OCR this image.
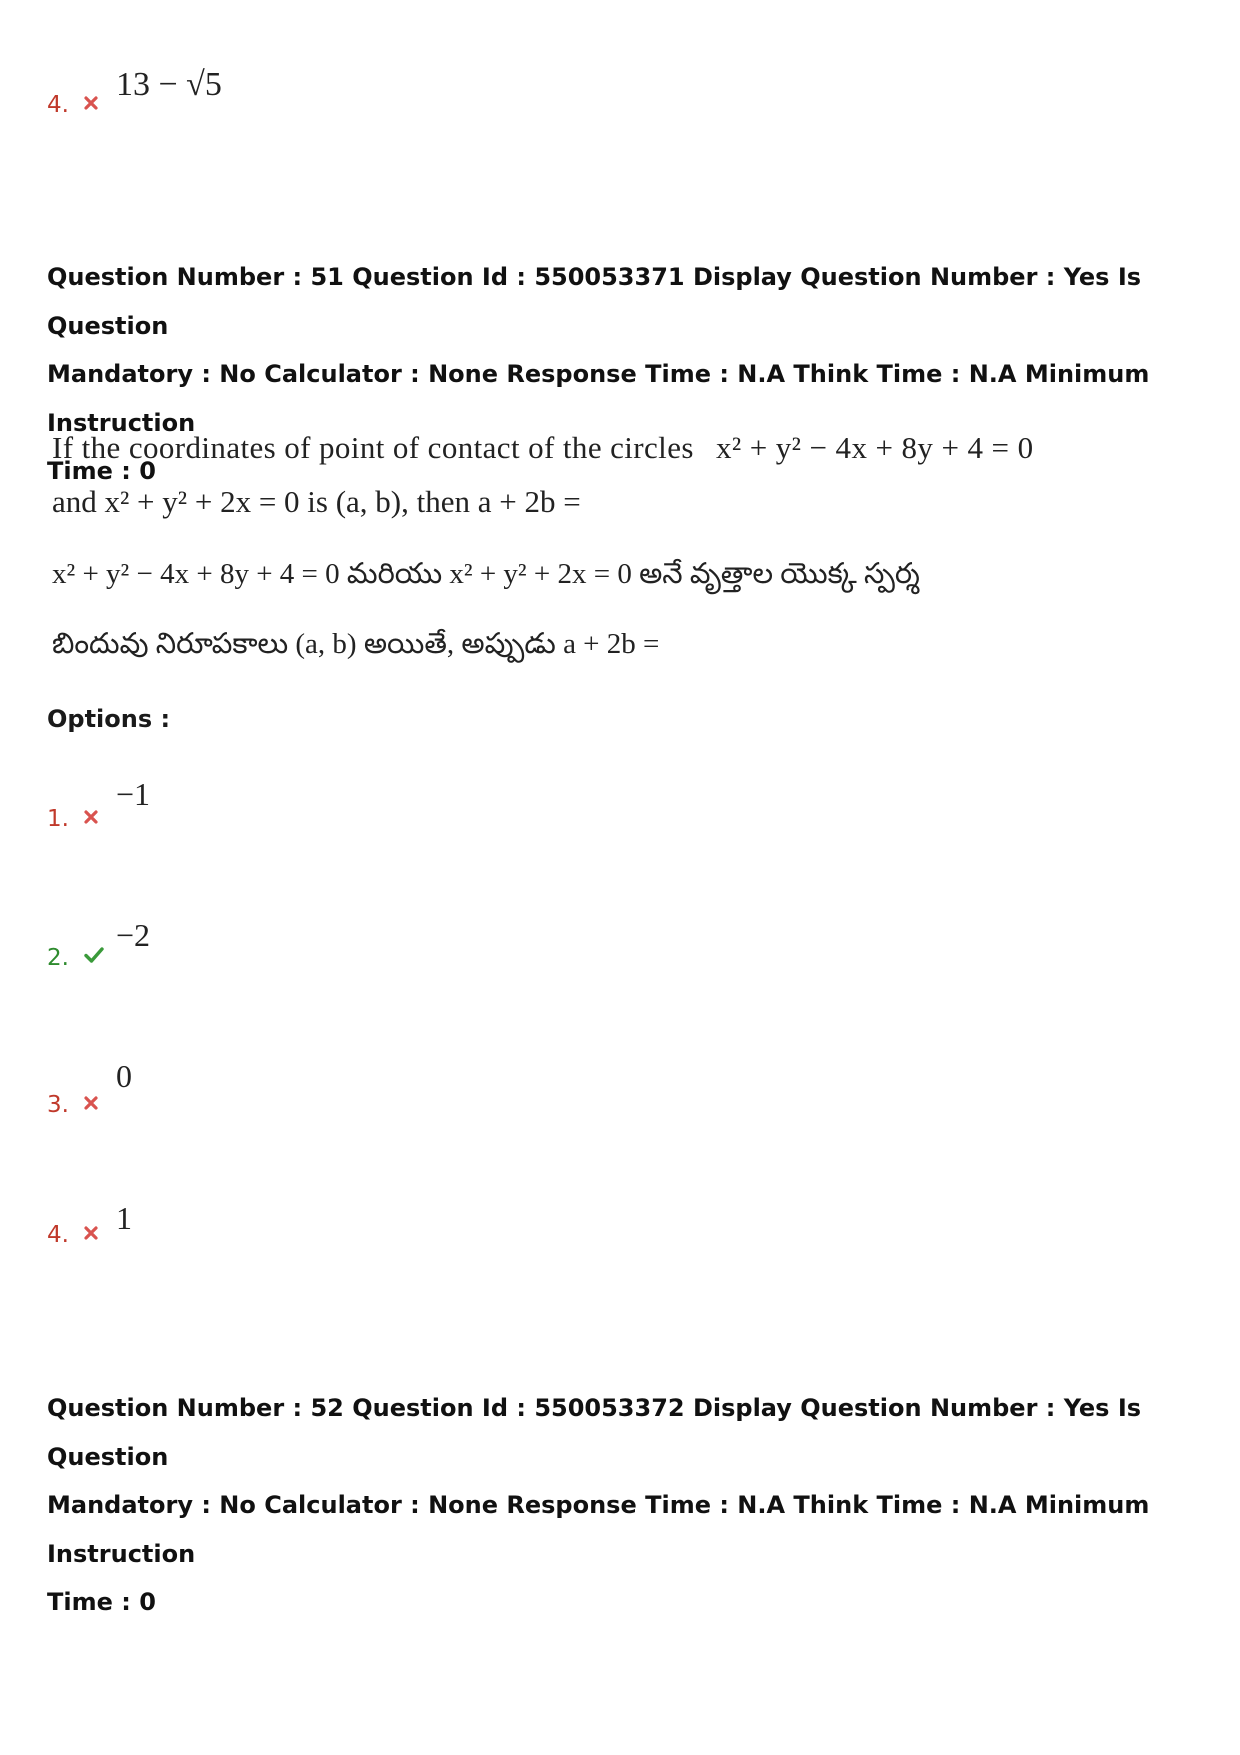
4.
13 − √5
Question Number : 51 Question Id : 550053371 Display Question Number : Yes Is Question
Mandatory : No Calculator : None Response Time : N.A Think Time : N.A Minimum Instruction
Time : 0
If the coordinates of point of contact of the circles x² + y² − 4x + 8y + 4 = 0
and x² + y² + 2x = 0 is (a, b), then a + 2b =
x² + y² − 4x + 8y + 4 = 0 మరియు x² + y² + 2x = 0 అనే వృత్తాల యొక్క స్పర్శ
బిందువు నిరూపకాలు (a, b) అయితే, అప్పుడు a + 2b =
Options :
1.
−1
2.
−2
3.
0
4.	1
Question Number : 52 Question Id : 550053372 Display Question Number : Yes Is Question
Mandatory : No Calculator : None Response Time : N.A Think Time : N.A Minimum Instruction
Time : 0
